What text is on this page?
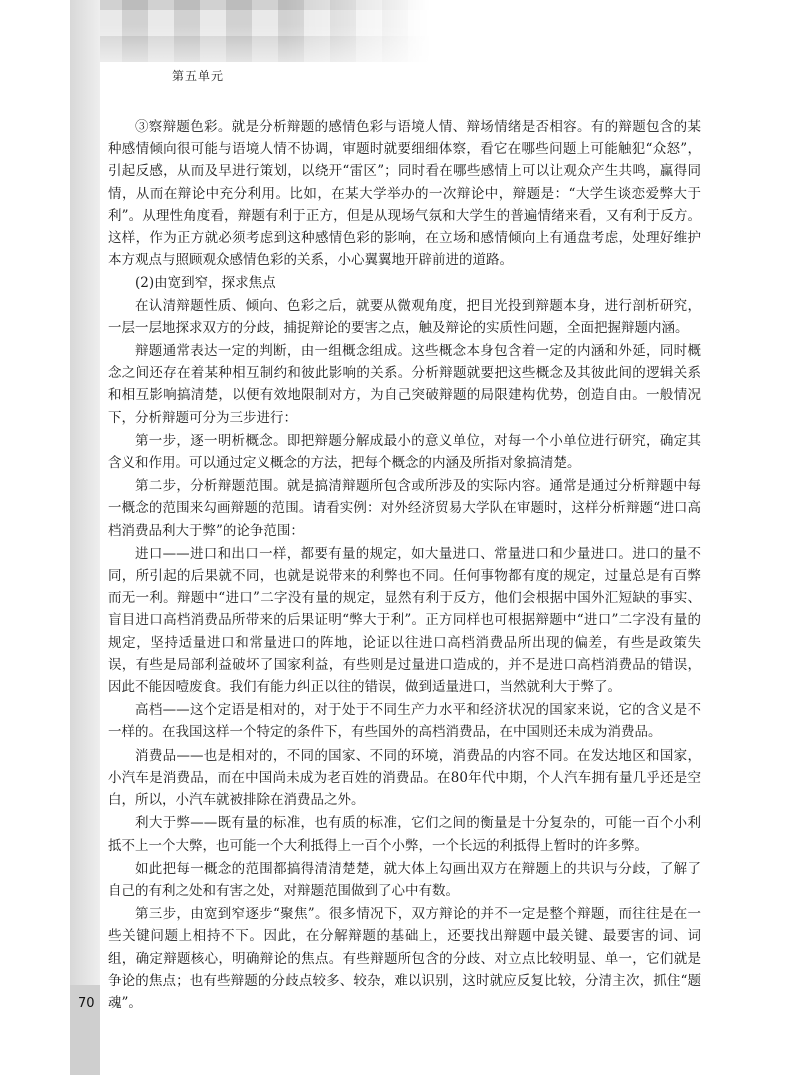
第五单元

③察辩题色彩。就是分析辩题的感情色彩与语境人情、辩场情绪是否相容。有的辩题包含的某种感情倾向很可能与语境人情不协调，审题时就要细细体察，看它在哪些问题上可能触犯“众怒”，引起反感，从而及早进行策划，以绕开“雷区”；同时看在哪些感情上可以让观众产生共鸣，赢得同情，从而在辩论中充分利用。比如，在某大学举办的一次辩论中，辩题是：“大学生谈恋爱弊大于利”。从理性角度看，辩题有利于正方，但是从现场气氛和大学生的普遍情绪来看，又有利于反方。这样，作为正方就必须考虑到这种感情色彩的影响，在立场和感情倾向上有通盘考虑，处理好维护本方观点与照顾观众感情色彩的关系，小心翼翼地开辟前进的道路。

(2)由宽到窄，探求焦点

在认清辩题性质、倾向、色彩之后，就要从微观角度，把目光投到辩题本身，进行剖析研究，一层一层地探求双方的分歧，捕捉辩论的要害之点，触及辩论的实质性问题，全面把握辩题内涵。

辩题通常表达一定的判断，由一组概念组成。这些概念本身包含着一定的内涵和外延，同时概念之间还存在着某种相互制约和彼此影响的关系。分析辩题就要把这些概念及其彼此间的逻辑关系和相互影响搞清楚，以便有效地限制对方，为自己突破辩题的局限建构优势，创造自由。一般情况下，分析辩题可分为三步进行：

第一步，逐一明析概念。即把辩题分解成最小的意义单位，对每一个小单位进行研究，确定其含义和作用。可以通过定义概念的方法，把每个概念的内涵及所指对象搞清楚。

第二步，分析辩题范围。就是搞清辩题所包含或所涉及的实际内容。通常是通过分析辩题中每一概念的范围来勾画辩题的范围。请看实例：对外经济贸易大学队在审题时，这样分析辩题“进口高档消费品利大于弊”的论争范围：

进口——进口和出口一样，都要有量的规定，如大量进口、常量进口和少量进口。进口的量不同，所引起的后果就不同，也就是说带来的利弊也不同。任何事物都有度的规定，过量总是有百弊而无一利。辩题中“进口”二字没有量的规定，显然有利于反方，他们会根据中国外汇短缺的事实、盲目进口高档消费品所带来的后果证明“弊大于利”。正方同样也可根据辩题中“进口”二字没有量的规定，坚持适量进口和常量进口的阵地，论证以往进口高档消费品所出现的偏差，有些是政策失误，有些是局部利益破坏了国家利益，有些则是过量进口造成的，并不是进口高档消费品的错误，因此不能因噎废食。我们有能力纠正以往的错误，做到适量进口，当然就利大于弊了。

高档——这个定语是相对的，对于处于不同生产力水平和经济状况的国家来说，它的含义是不一样的。在我国这样一个特定的条件下，有些国外的高档消费品，在中国则还未成为消费品。

消费品——也是相对的，不同的国家、不同的环境，消费品的内容不同。在发达地区和国家，小汽车是消费品，而在中国尚未成为老百姓的消费品。在80年代中期，个人汽车拥有量几乎还是空白，所以，小汽车就被排除在消费品之外。

利大于弊——既有量的标准，也有质的标准，它们之间的衡量是十分复杂的，可能一百个小利抵不上一个大弊，也可能一个大利抵得上一百个小弊，一个长远的利抵得上暂时的许多弊。

如此把每一概念的范围都搞得清清楚楚，就大体上勾画出双方在辩题上的共识与分歧，了解了自己的有利之处和有害之处，对辩题范围做到了心中有数。

第三步，由宽到窄逐步“聚焦”。很多情况下，双方辩论的并不一定是整个辩题，而往往是在一些关键问题上相持不下。因此，在分解辩题的基础上，还要找出辩题中最关键、最要害的词、词组，确定辩题核心，明确辩论的焦点。有些辩题所包含的分歧、对立点比较明显、单一，它们就是争论的焦点；也有些辩题的分歧点较多、较杂，难以识别，这时就应反复比较，分清主次，抓住“题魂”。

70
